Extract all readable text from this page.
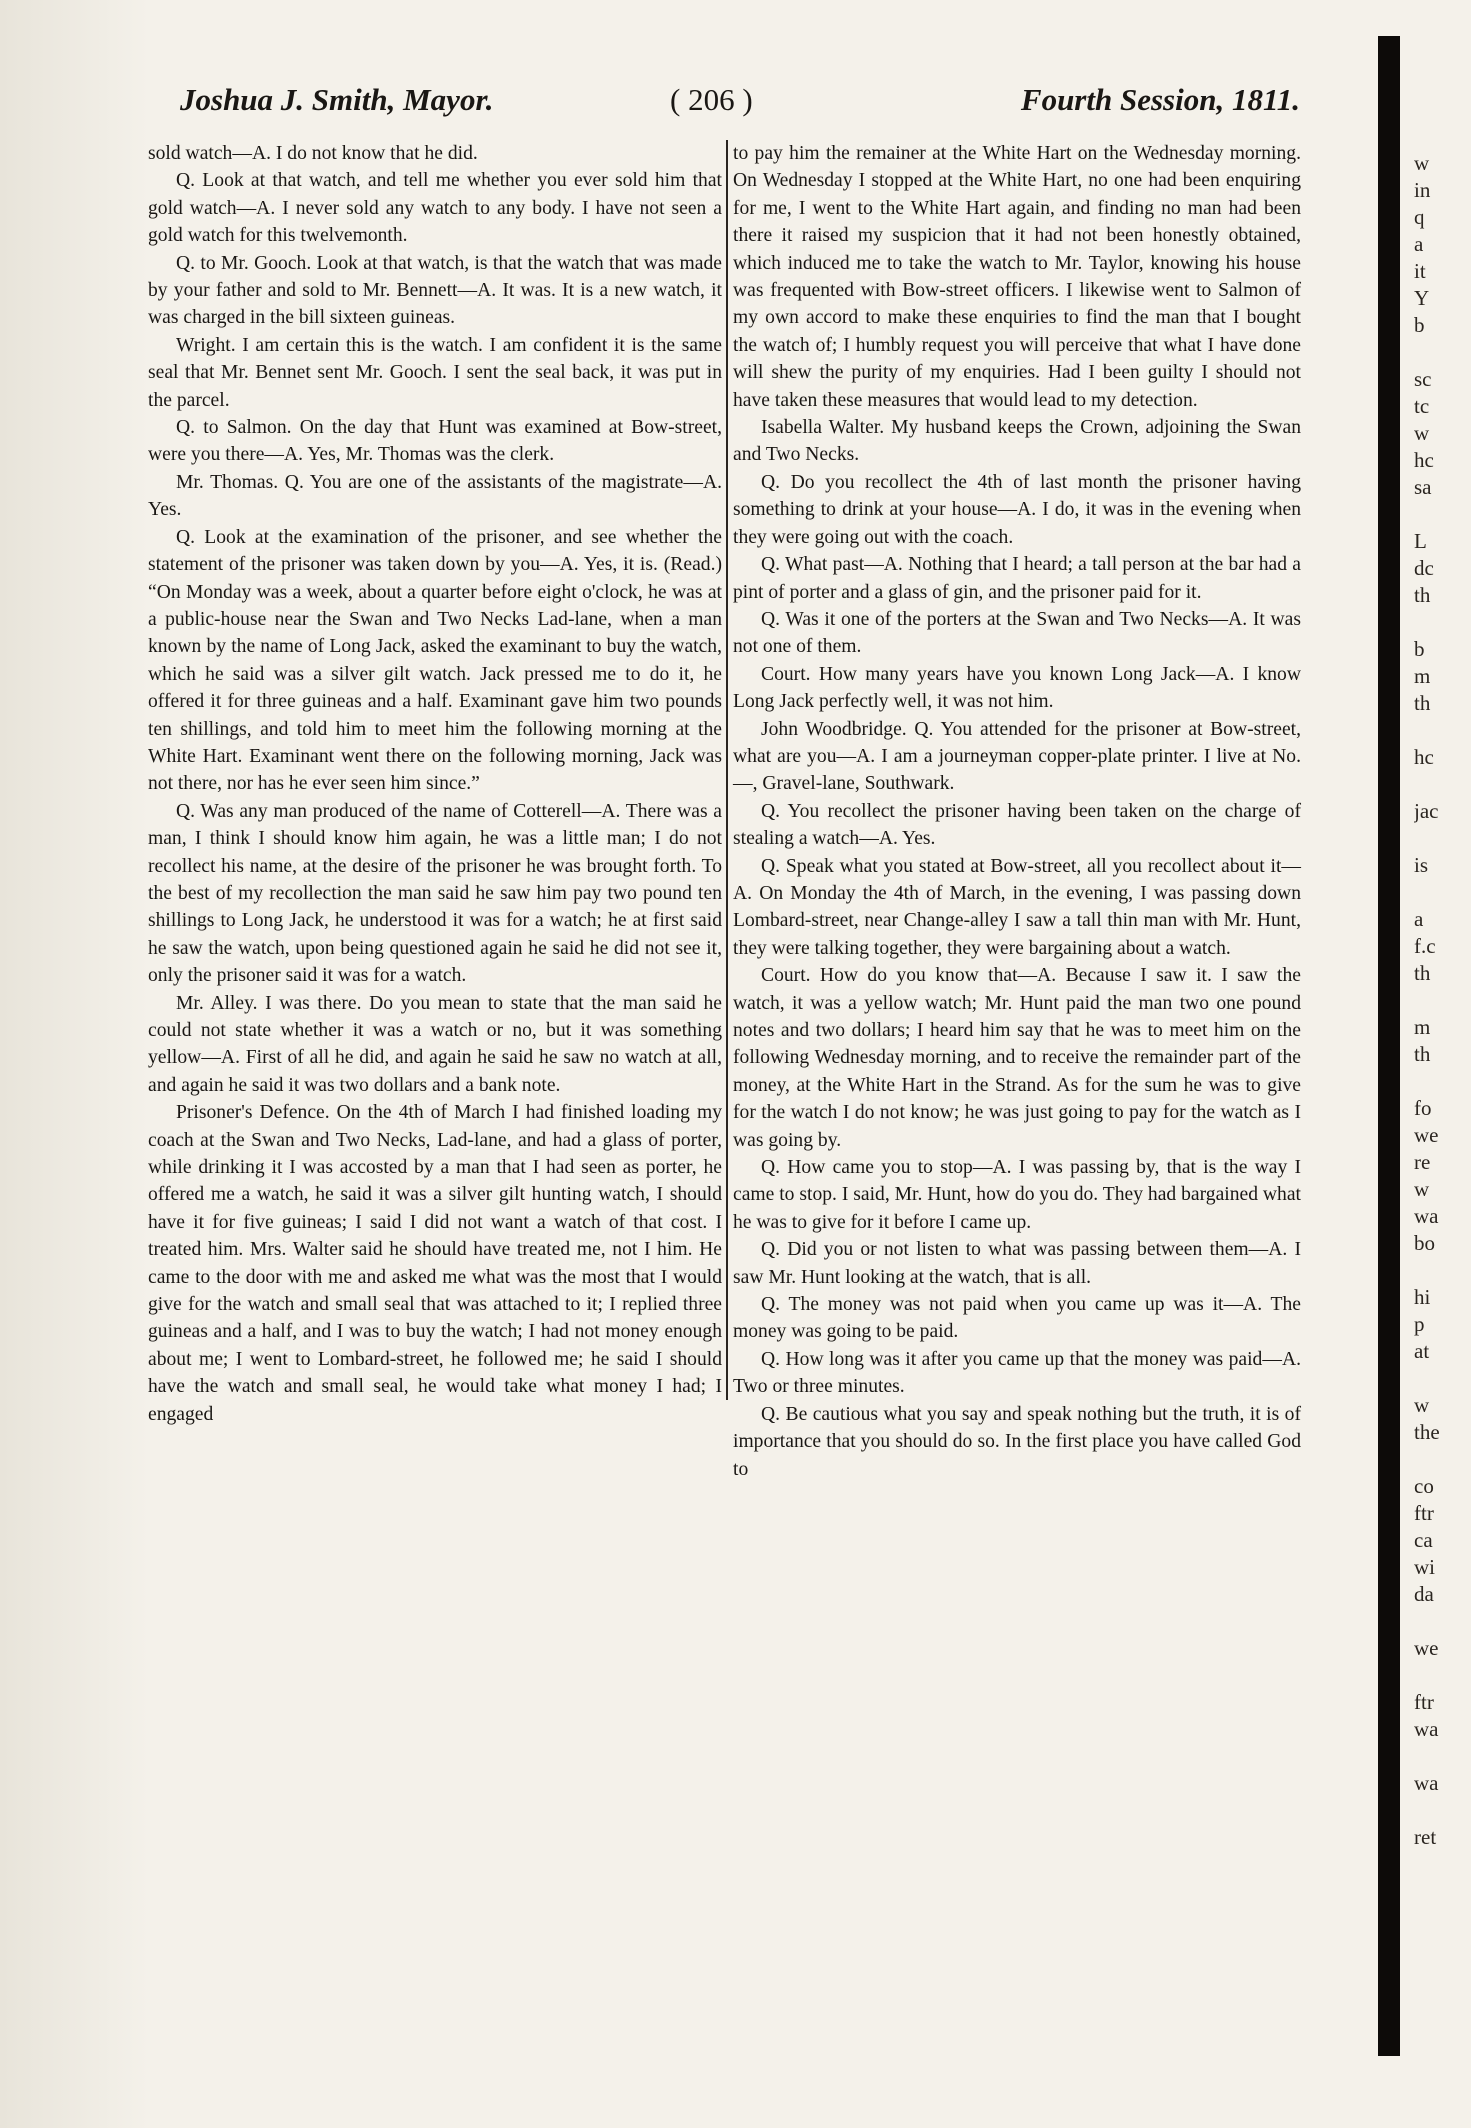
Joshua J. Smith, Mayor.	( 206 )	Fourth Session, 1811.

sold watch—A. I do not know that he did.

Q. Look at that watch, and tell me whether you ever sold him that gold watch—A. I never sold any watch to any body. I have not seen a gold watch for this twelvemonth.

Q. to Mr. Gooch. Look at that watch, is that the watch that was made by your father and sold to Mr. Bennett—A. It was. It is a new watch, it was charged in the bill sixteen guineas.

Wright. I am certain this is the watch. I am confident it is the same seal that Mr. Bennet sent Mr. Gooch. I sent the seal back, it was put in the parcel.

Q. to Salmon. On the day that Hunt was examined at Bow-street, were you there—A. Yes, Mr. Thomas was the clerk.

Mr. Thomas. Q. You are one of the assistants of the magistrate—A. Yes.

Q. Look at the examination of the prisoner, and see whether the statement of the prisoner was taken down by you—A. Yes, it is. (Read.) “On Monday was a week, about a quarter before eight o'clock, he was at a public-house near the Swan and Two Necks Lad-lane, when a man known by the name of Long Jack, asked the examinant to buy the watch, which he said was a silver gilt watch. Jack pressed me to do it, he offered it for three guineas and a half. Examinant gave him two pounds ten shillings, and told him to meet him the following morning at the White Hart. Examinant went there on the following morning, Jack was not there, nor has he ever seen him since.”

Q. Was any man produced of the name of Cotterell—A. There was a man, I think I should know him again, he was a little man; I do not recollect his name, at the desire of the prisoner he was brought forth. To the best of my recollection the man said he saw him pay two pound ten shillings to Long Jack, he understood it was for a watch; he at first said he saw the watch, upon being questioned again he said he did not see it, only the prisoner said it was for a watch.

Mr. Alley. I was there. Do you mean to state that the man said he could not state whether it was a watch or no, but it was something yellow—A. First of all he did, and again he said he saw no watch at all, and again he said it was two dollars and a bank note.

Prisoner's Defence. On the 4th of March I had finished loading my coach at the Swan and Two Necks, Lad-lane, and had a glass of porter, while drinking it I was accosted by a man that I had seen as porter, he offered me a watch, he said it was a silver gilt hunting watch, I should have it for five guineas; I said I did not want a watch of that cost. I treated him. Mrs. Walter said he should have treated me, not I him. He came to the door with me and asked me what was the most that I would give for the watch and small seal that was attached to it; I replied three guineas and a half, and I was to buy the watch; I had not money enough about me; I went to Lombard-street, he followed me; he said I should have the watch and small seal, he would take what money I had; I engaged

to pay him the remainer at the White Hart on the Wednesday morning. On Wednesday I stopped at the White Hart, no one had been enquiring for me, I went to the White Hart again, and finding no man had been there it raised my suspicion that it had not been honestly obtained, which induced me to take the watch to Mr. Taylor, knowing his house was frequented with Bow-street officers. I likewise went to Salmon of my own accord to make these enquiries to find the man that I bought the watch of; I humbly request you will perceive that what I have done will shew the purity of my enquiries. Had I been guilty I should not have taken these measures that would lead to my detection.

Isabella Walter. My husband keeps the Crown, adjoining the Swan and Two Necks.

Q. Do you recollect the 4th of last month the prisoner having something to drink at your house—A. I do, it was in the evening when they were going out with the coach.

Q. What past—A. Nothing that I heard; a tall person at the bar had a pint of porter and a glass of gin, and the prisoner paid for it.

Q. Was it one of the porters at the Swan and Two Necks—A. It was not one of them.

Court. How many years have you known Long Jack—A. I know Long Jack perfectly well, it was not him.

John Woodbridge. Q. You attended for the prisoner at Bow-street, what are you—A. I am a journeyman copper-plate printer. I live at No. —, Gravel-lane, Southwark.

Q. You recollect the prisoner having been taken on the charge of stealing a watch—A. Yes.

Q. Speak what you stated at Bow-street, all you recollect about it—A. On Monday the 4th of March, in the evening, I was passing down Lombard-street, near Change-alley I saw a tall thin man with Mr. Hunt, they were talking together, they were bargaining about a watch.

Court. How do you know that—A. Because I saw it. I saw the watch, it was a yellow watch; Mr. Hunt paid the man two one pound notes and two dollars; I heard him say that he was to meet him on the following Wednesday morning, and to receive the remainder part of the money, at the White Hart in the Strand. As for the sum he was to give for the watch I do not know; he was just going to pay for the watch as I was going by.

Q. How came you to stop—A. I was passing by, that is the way I came to stop. I said, Mr. Hunt, how do you do. They had bargained what he was to give for it before I came up.

Q. Did you or not listen to what was passing between them—A. I saw Mr. Hunt looking at the watch, that is all.

Q. The money was not paid when you came up was it—A. The money was going to be paid.

Q. How long was it after you came up that the money was paid—A. Two or three minutes.

Q. Be cautious what you say and speak nothing but the truth, it is of importance that you should do so. In the first place you have called God to

w
in
q
a
it
Y
b
sc
tc
w
hc
sa
L
dc
th
b
m
th
hc
jac
is
a
f.c
th
m
th
fo
we
re
w
wa
bo
hi
p
at
w
the
co
ftr
ca
wi
da
we
ftr
wa
wa
ret
